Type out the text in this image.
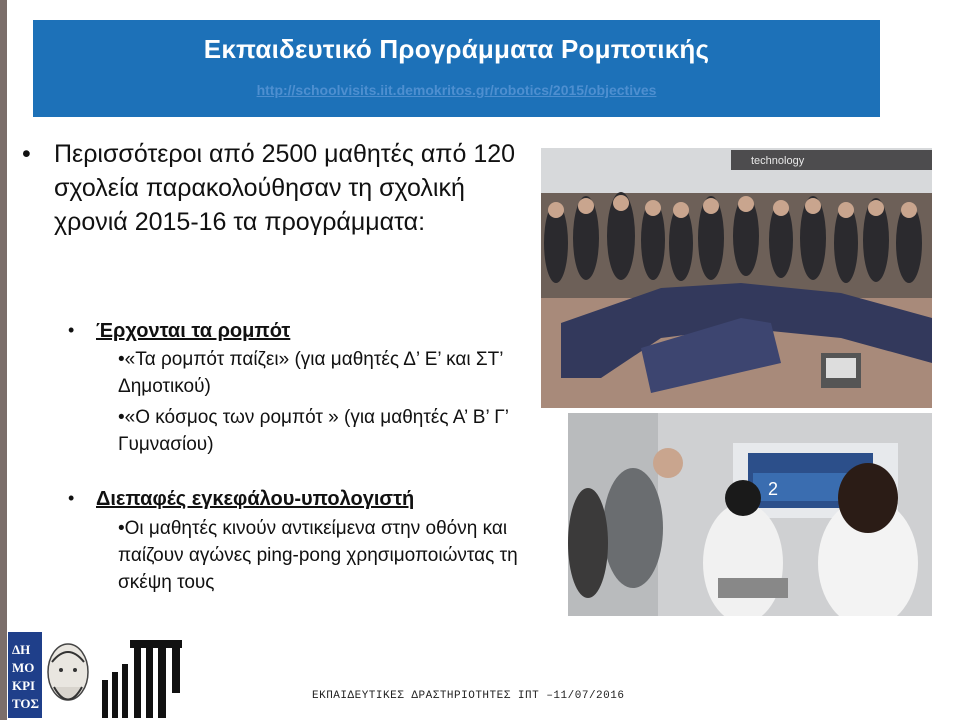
Εκπαιδευτικό Προγράμματα Ρομποτικής
http://schoolvisits.iit.demokritos.gr/robotics/2015/objectives
• Περισσότεροι από 2500 μαθητές από 120 σχολεία παρακολούθησαν τη σχολική χρονιά 2015-16 τα προγράμματα:
• Έρχονται τα ρομπότ
•«Τα ρομπότ παίζει» (για μαθητές Δ’ Ε’ και ΣΤ’ Δημοτικού)
•«Ο κόσμος των ρομπότ » (για μαθητές Α’ Β’ Γ’ Γυμνασίου)
• Διεπαφές εγκεφάλου-υπολογιστή
•Οι μαθητές κινούν αντικείμενα στην οθόνη και παίζουν αγώνες ping-pong χρησιμοποιώντας τη σκέψη τους
technology
2
ΔΗ
ΜΟ
ΚΡΙ
ΤΟΣ	ΕΚΠΑΙΔΕΥΤΙΚΕΣ ΔΡΑΣΤΗΡΙΟΤΗΤΕΣ ΙΠΤ –11/07/2016
